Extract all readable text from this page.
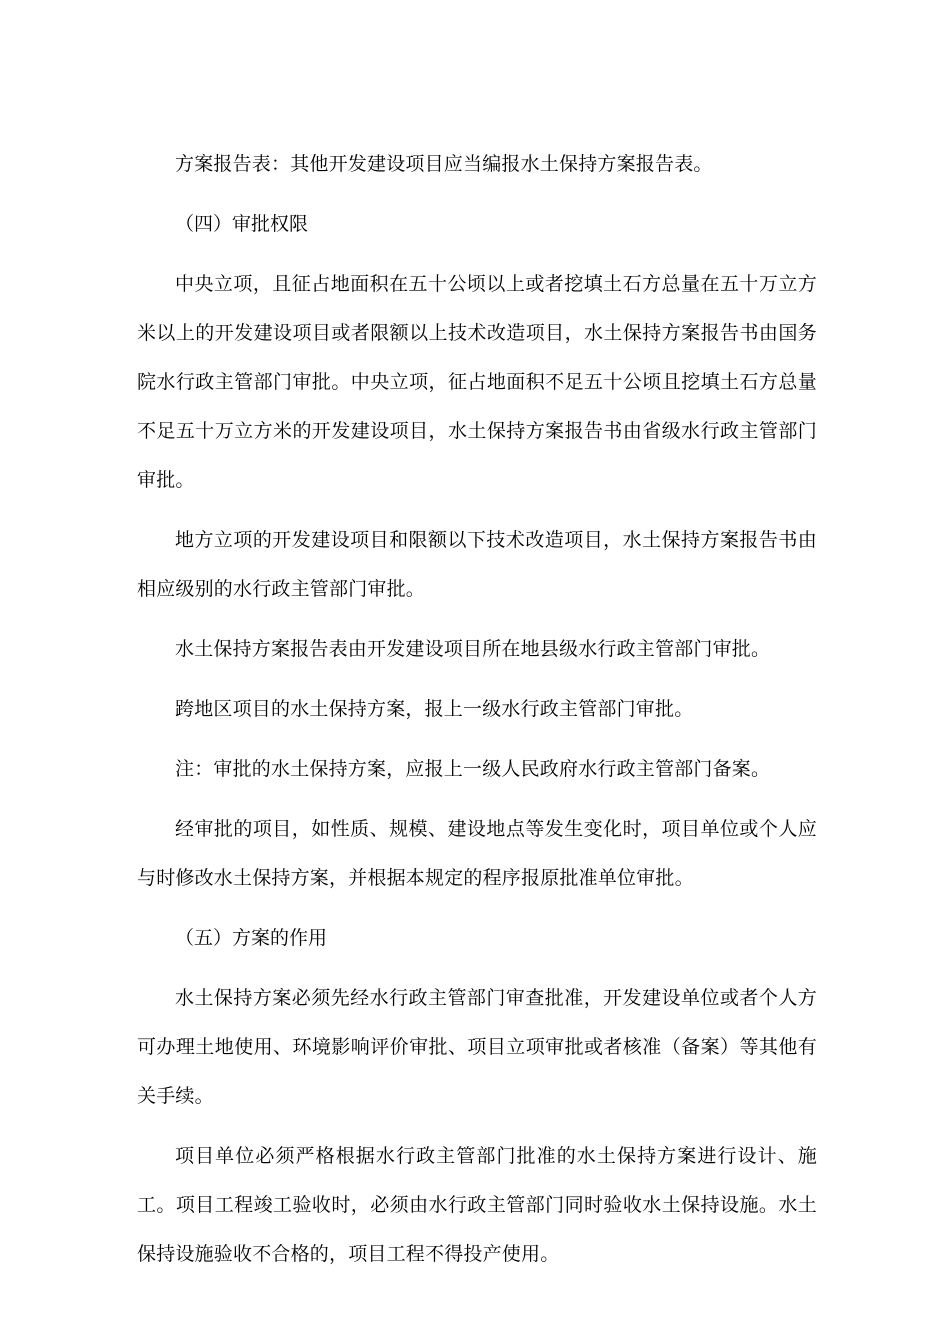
方案报告表：其他开发建设项目应当编报水土保持方案报告表。

（四）审批权限

中央立项，且征占地面积在五十公顷以上或者挖填土石方总量在五十万立方米以上的开发建设项目或者限额以上技术改造项目，水土保持方案报告书由国务院水行政主管部门审批。中央立项，征占地面积不足五十公顷且挖填土石方总量不足五十万立方米的开发建设项目，水土保持方案报告书由省级水行政主管部门审批。

地方立项的开发建设项目和限额以下技术改造项目，水土保持方案报告书由相应级别的水行政主管部门审批。

水土保持方案报告表由开发建设项目所在地县级水行政主管部门审批。

跨地区项目的水土保持方案，报上一级水行政主管部门审批。

注：审批的水土保持方案，应报上一级人民政府水行政主管部门备案。

经审批的项目，如性质、规模、建设地点等发生变化时，项目单位或个人应与时修改水土保持方案，并根据本规定的程序报原批准单位审批。

（五）方案的作用

水土保持方案必须先经水行政主管部门审查批准，开发建设单位或者个人方可办理土地使用、环境影响评价审批、项目立项审批或者核准（备案）等其他有关手续。

项目单位必须严格根据水行政主管部门批准的水土保持方案进行设计、施工。项目工程竣工验收时，必须由水行政主管部门同时验收水土保持设施。水土保持设施验收不合格的，项目工程不得投产使用。
